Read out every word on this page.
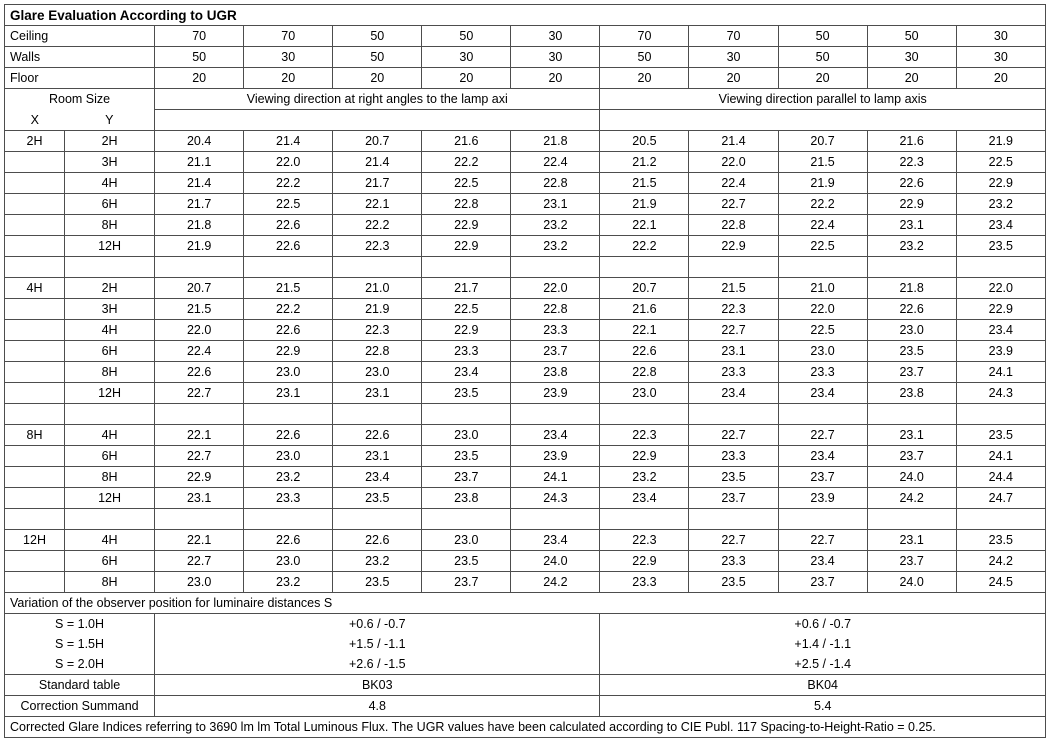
Glare Evaluation According to UGR											
Ceiling		70	70	50	50	30	70	70	50	50	30
Walls		50	30	50	30	30	50	30	50	30	30
Floor		20	20	20	20	20	20	20	20	20	20
Room Size		Viewing direction at right angles to the lamp axi					Viewing direction parallel to lamp axis				
X	Y										
2H	2H	20.4	21.4	20.7	21.6	21.8	20.5	21.4	20.7	21.6	21.9
	3H	21.1	22.0	21.4	22.2	22.4	21.2	22.0	21.5	22.3	22.5
	4H	21.4	22.2	21.7	22.5	22.8	21.5	22.4	21.9	22.6	22.9
	6H	21.7	22.5	22.1	22.8	23.1	21.9	22.7	22.2	22.9	23.2
	8H	21.8	22.6	22.2	22.9	23.2	22.1	22.8	22.4	23.1	23.4
	12H	21.9	22.6	22.3	22.9	23.2	22.2	22.9	22.5	23.2	23.5

4H	2H	20.7	21.5	21.0	21.7	22.0	20.7	21.5	21.0	21.8	22.0
	3H	21.5	22.2	21.9	22.5	22.8	21.6	22.3	22.0	22.6	22.9
	4H	22.0	22.6	22.3	22.9	23.3	22.1	22.7	22.5	23.0	23.4
	6H	22.4	22.9	22.8	23.3	23.7	22.6	23.1	23.0	23.5	23.9
	8H	22.6	23.0	23.0	23.4	23.8	22.8	23.3	23.3	23.7	24.1
	12H	22.7	23.1	23.1	23.5	23.9	23.0	23.4	23.4	23.8	24.3

8H	4H	22.1	22.6	22.6	23.0	23.4	22.3	22.7	22.7	23.1	23.5
	6H	22.7	23.0	23.1	23.5	23.9	22.9	23.3	23.4	23.7	24.1
	8H	22.9	23.2	23.4	23.7	24.1	23.2	23.5	23.7	24.0	24.4
	12H	23.1	23.3	23.5	23.8	24.3	23.4	23.7	23.9	24.2	24.7

12H	4H	22.1	22.6	22.6	23.0	23.4	22.3	22.7	22.7	23.1	23.5
	6H	22.7	23.0	23.2	23.5	24.0	22.9	23.3	23.4	23.7	24.2
	8H	23.0	23.2	23.5	23.7	24.2	23.3	23.5	23.7	24.0	24.5
Variation of the observer position for luminaire distances S											
S = 1.0H		+0.6 / -0.7					+0.6 / -0.7				
S = 1.5H		+1.5 / -1.1					+1.4 / -1.1				
S = 2.0H		+2.6 / -1.5					+2.5 / -1.4				
Standard table		BK03					BK04				
Correction Summand		4.8					5.4				
Corrected Glare Indices referring to 3690 lm lm Total Luminous Flux. The UGR values have been calculated according to CIE Publ. 117 Spacing-to-Height-Ratio = 0.25.											
